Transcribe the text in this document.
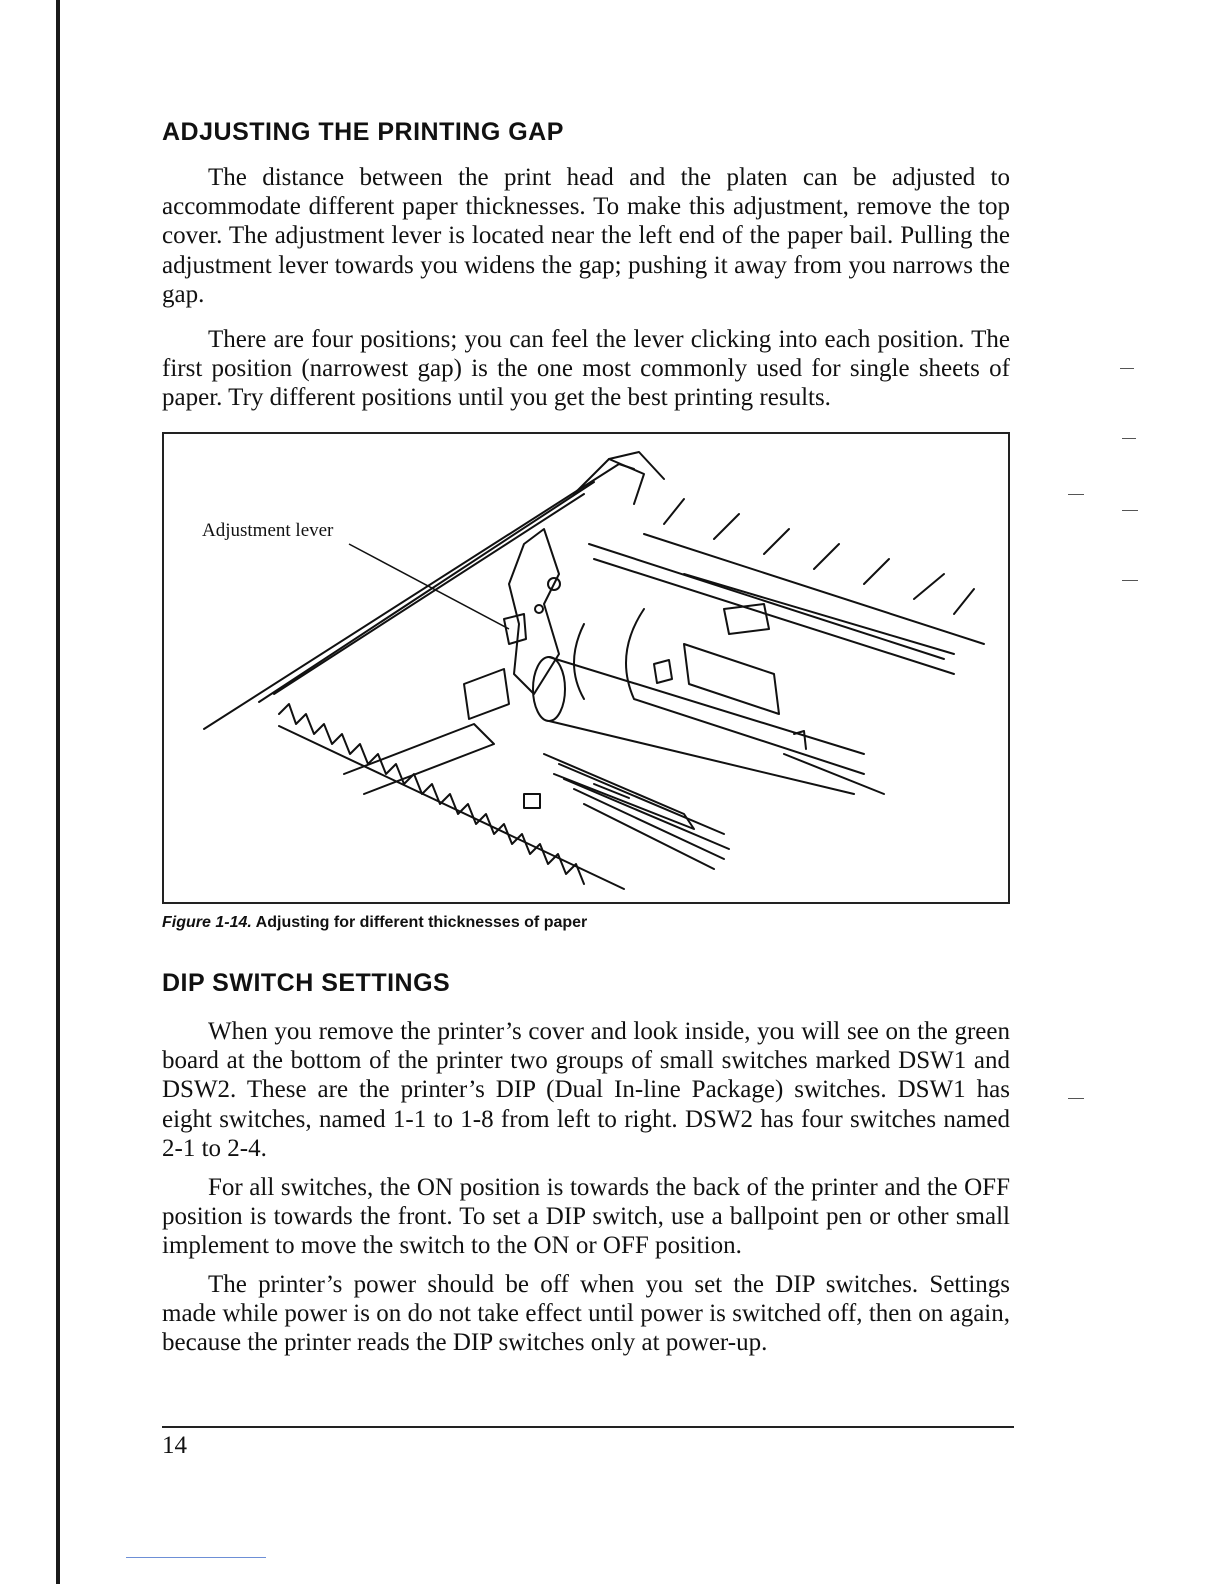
ADJUSTING THE PRINTING GAP

The distance between the print head and the platen can be adjusted to accommodate different paper thicknesses. To make this adjustment, remove the top cover. The adjustment lever is located near the left end of the paper bail. Pulling the adjustment lever towards you widens the gap; pushing it away from you narrows the gap.

There are four positions; you can feel the lever clicking into each position. The first position (narrowest gap) is the one most commonly used for single sheets of paper. Try different positions until you get the best printing results.

Adjustment lever
Figure 1-14. Adjusting for different thicknesses of paper
DIP SWITCH SETTINGS

When you remove the printer’s cover and look inside, you will see on the green board at the bottom of the printer two groups of small switches marked DSW1 and DSW2. These are the printer’s DIP (Dual In-line Package) switches. DSW1 has eight switches, named 1-1 to 1-8 from left to right. DSW2 has four switches named 2-1 to 2-4.

For all switches, the ON position is towards the back of the printer and the OFF position is towards the front. To set a DIP switch, use a ballpoint pen or other small implement to move the switch to the ON or OFF position.

The printer’s power should be off when you set the DIP switches. Settings made while power is on do not take effect until power is switched off, then on again, because the printer reads the DIP switches only at power-up.

14
